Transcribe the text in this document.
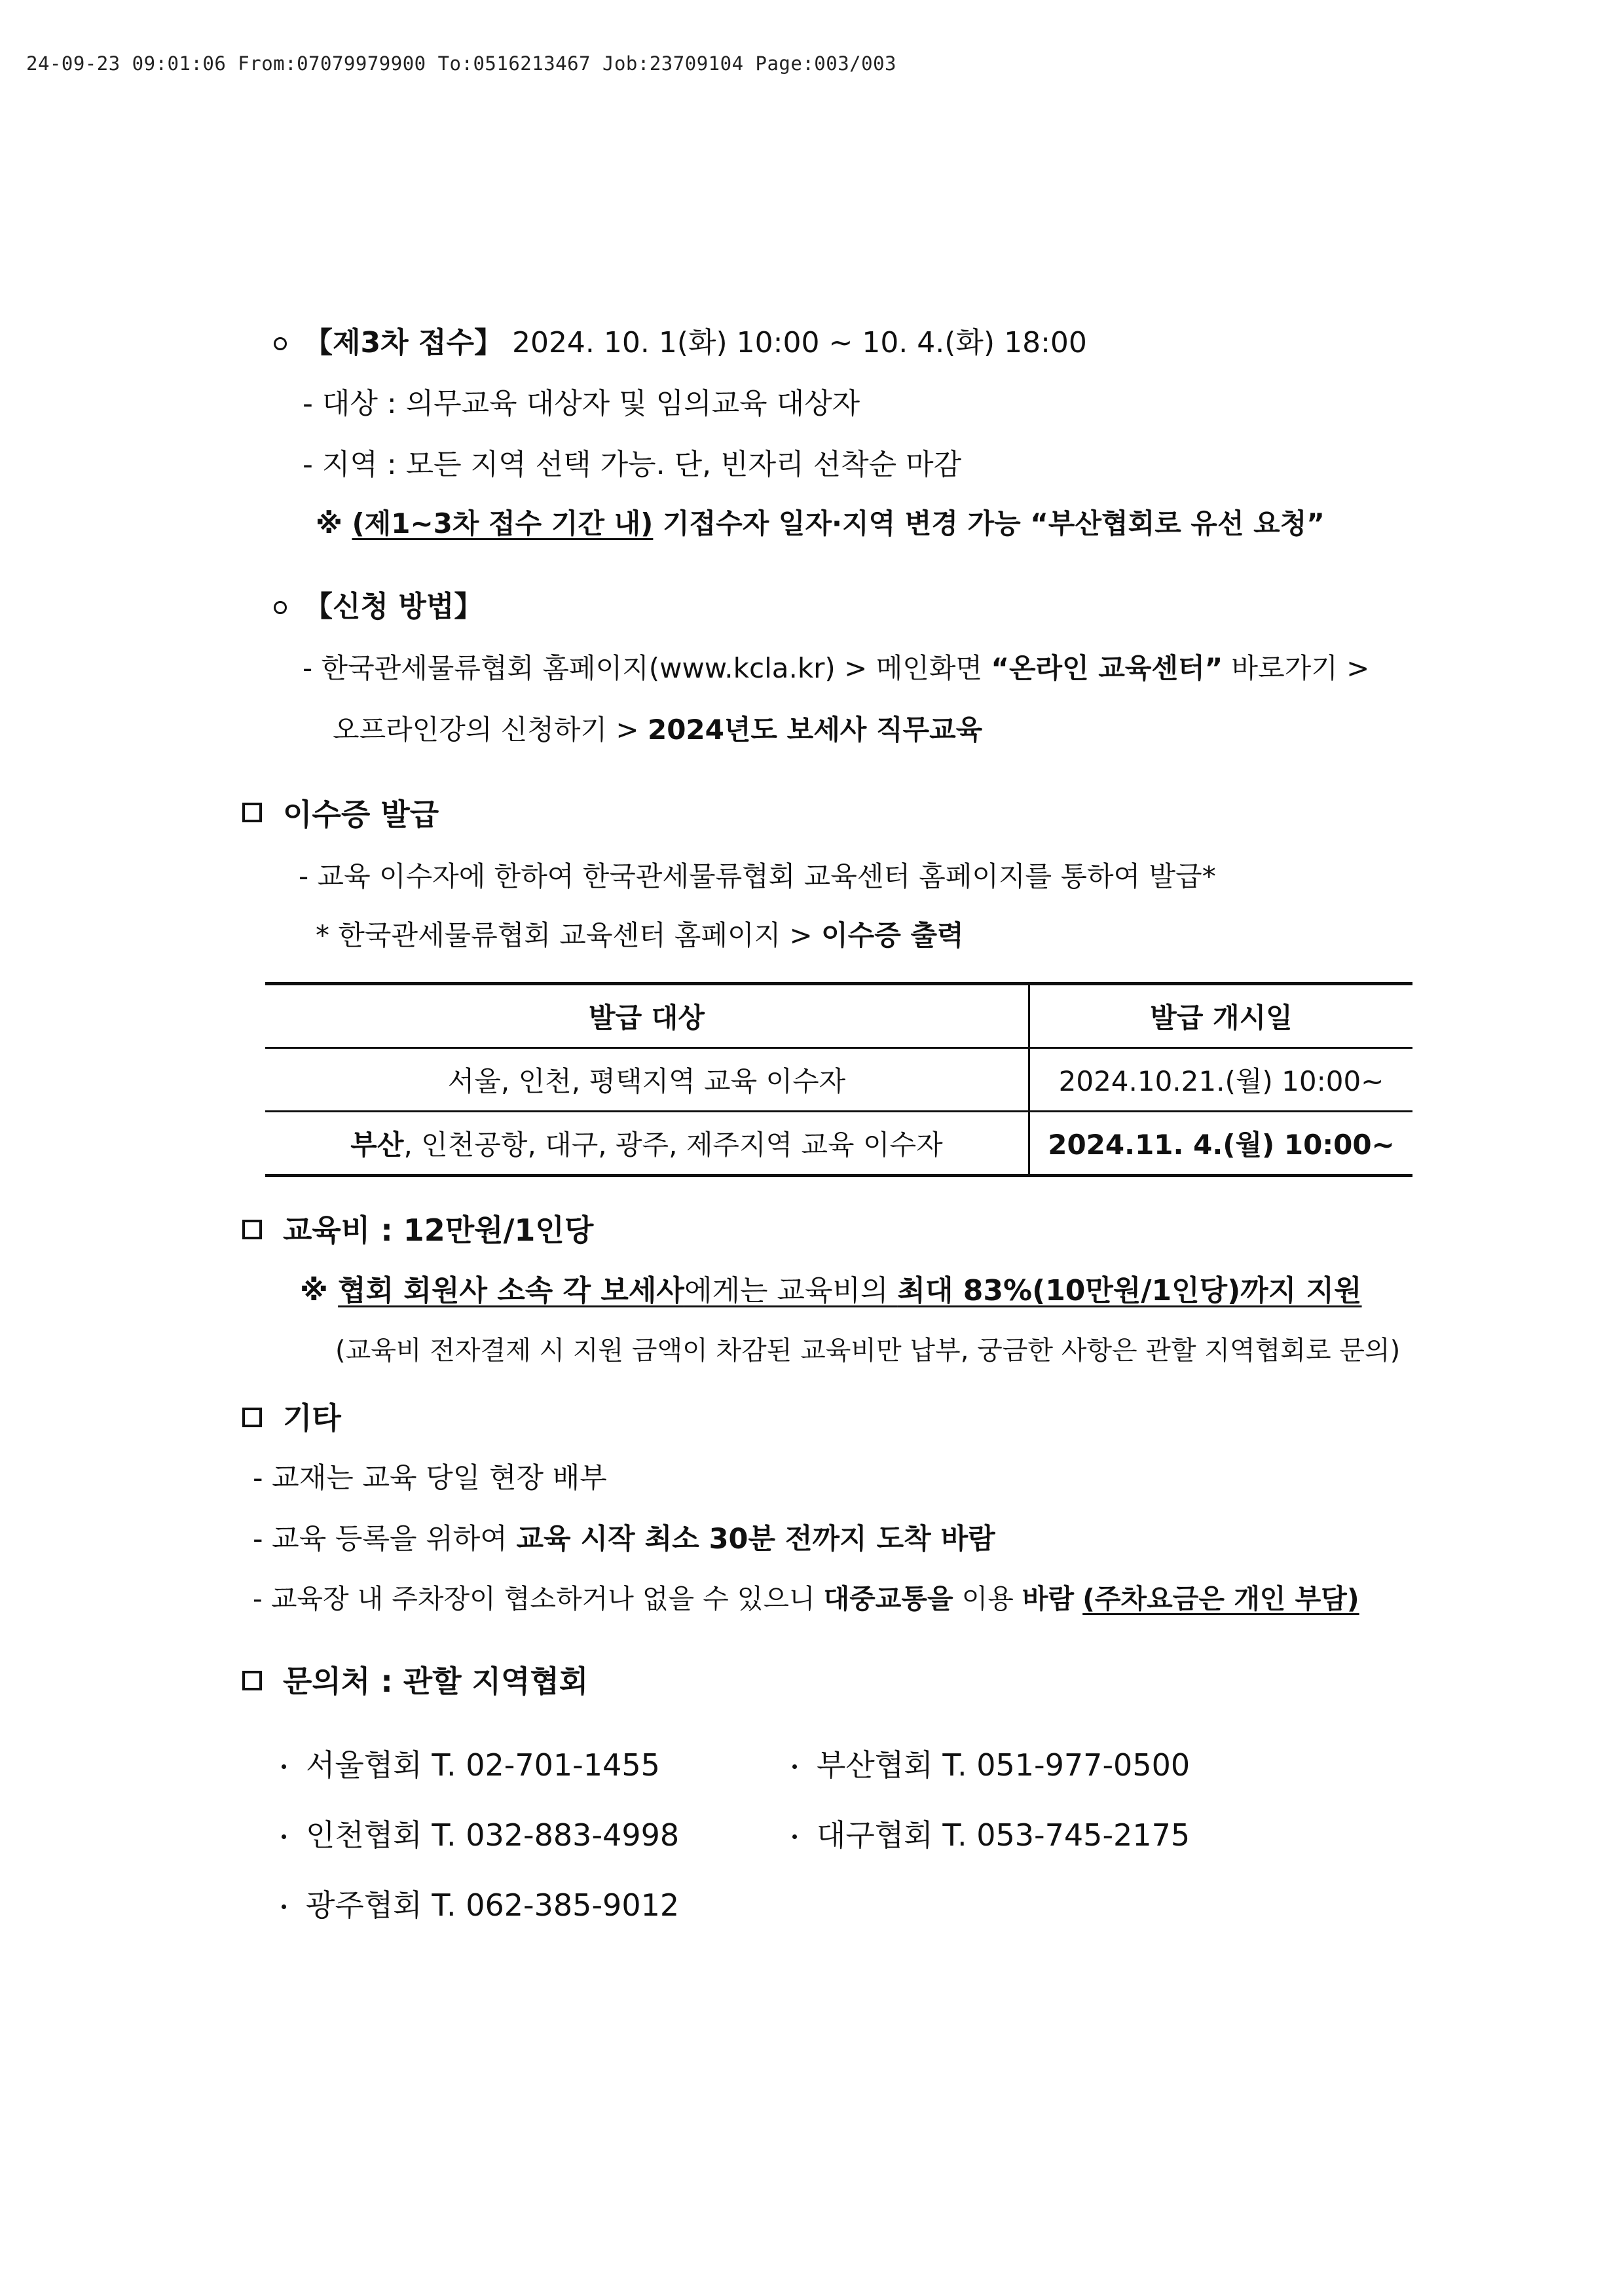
24-09-23 09:01:06 From:07079979900 To:0516213467 Job:23709104 Page:003/003
【제3차 접수】 2024. 10. 1(화) 10:00 ~ 10. 4.(화) 18:00
- 대상 : 의무교육 대상자 및 임의교육 대상자
- 지역 : 모든 지역 선택 가능. 단, 빈자리 선착순 마감
※ (제1~3차 접수 기간 내) 기접수자 일자·지역 변경 가능 “부산협회로 유선 요청”
【신청 방법】
- 한국관세물류협회 홈페이지(www.kcla.kr) > 메인화면 “온라인 교육센터” 바로가기 >
오프라인강의 신청하기 > 2024년도 보세사 직무교육
이수증 발급
- 교육 이수자에 한하여 한국관세물류협회 교육센터 홈페이지를 통하여 발급*
* 한국관세물류협회 교육센터 홈페이지 > 이수증 출력
발급 대상	발급 개시일
서울, 인천, 평택지역 교육 이수자	2024.10.21.(월) 10:00~
부산, 인천공항, 대구, 광주, 제주지역 교육 이수자	2024.11. 4.(월) 10:00~
교육비 : 12만원/1인당
※ 협회 회원사 소속 각 보세사에게는 교육비의 최대 83%(10만원/1인당)까지 지원
(교육비 전자결제 시 지원 금액이 차감된 교육비만 납부, 궁금한 사항은 관할 지역협회로 문의)
기타
- 교재는 교육 당일 현장 배부
- 교육 등록을 위하여 교육 시작 최소 30분 전까지 도착 바람
- 교육장 내 주차장이 협소하거나 없을 수 있으니 대중교통을 이용 바람 (주차요금은 개인 부담)
문의처 : 관할 지역협회
서울협회 T. 02-701-1455	부산협회 T. 051-977-0500
인천협회 T. 032-883-4998	대구협회 T. 053-745-2175
광주협회 T. 062-385-9012
